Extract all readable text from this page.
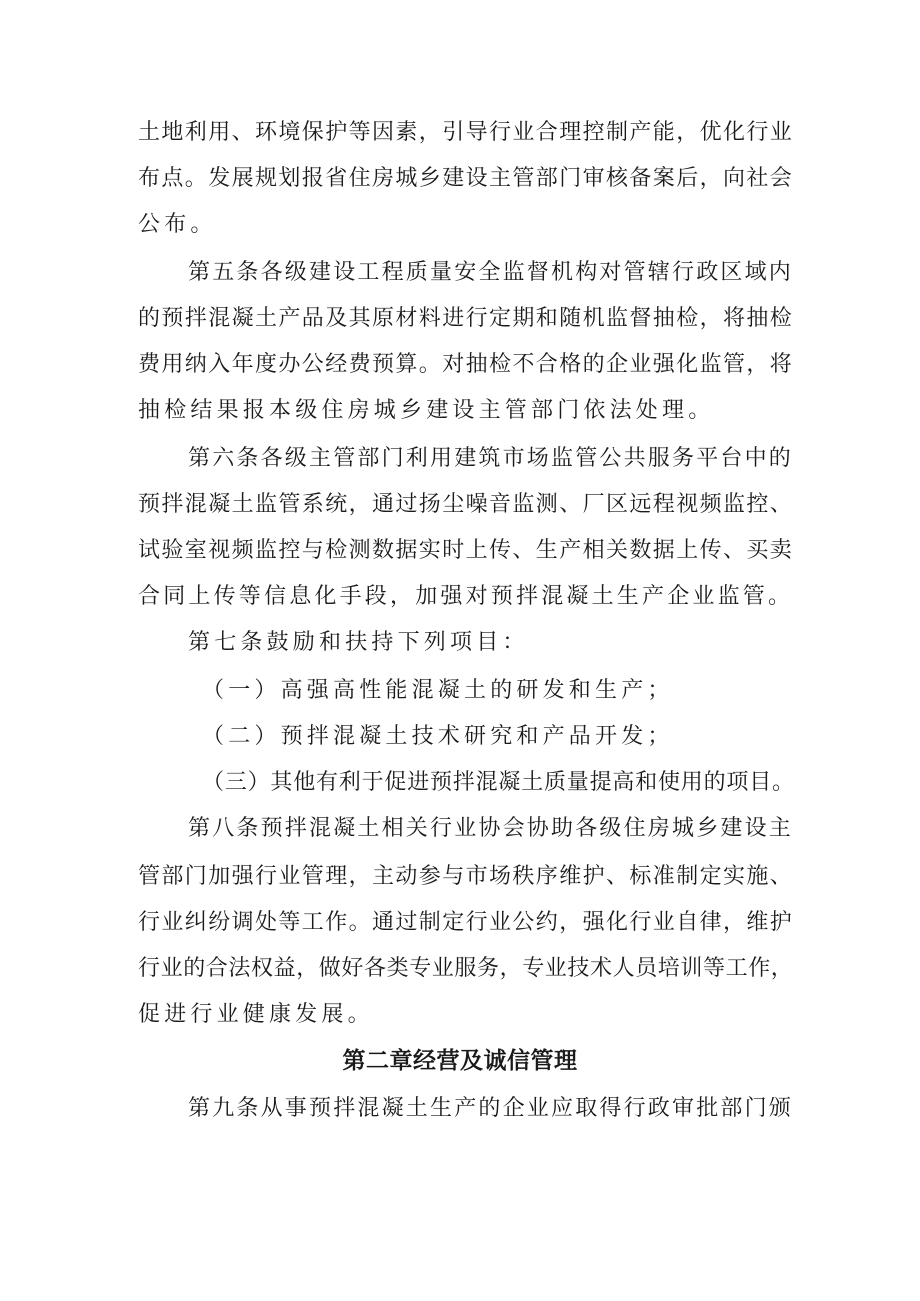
土地利用、环境保护等因素，引导行业合理控制产能，优化行业
布点。发展规划报省住房城乡建设主管部门审核备案后，向社会
公布。
第五条各级建设工程质量安全监督机构对管辖行政区域内
的预拌混凝土产品及其原材料进行定期和随机监督抽检，将抽检
费用纳入年度办公经费预算。对抽检不合格的企业强化监管，将
抽检结果报本级住房城乡建设主管部门依法处理。
第六条各级主管部门利用建筑市场监管公共服务平台中的
预拌混凝土监管系统，通过扬尘噪音监测、厂区远程视频监控、
试验室视频监控与检测数据实时上传、生产相关数据上传、买卖
合同上传等信息化手段，加强对预拌混凝土生产企业监管。
第七条鼓励和扶持下列项目：
（一）高强高性能混凝土的研发和生产；
（二）预拌混凝土技术研究和产品开发；
（三）其他有利于促进预拌混凝土质量提高和使用的项目。
第八条预拌混凝土相关行业协会协助各级住房城乡建设主
管部门加强行业管理，主动参与市场秩序维护、标准制定实施、
行业纠纷调处等工作。通过制定行业公约，强化行业自律，维护
行业的合法权益，做好各类专业服务，专业技术人员培训等工作，
促进行业健康发展。
第二章经营及诚信管理
第九条从事预拌混凝土生产的企业应取得行政审批部门颁
